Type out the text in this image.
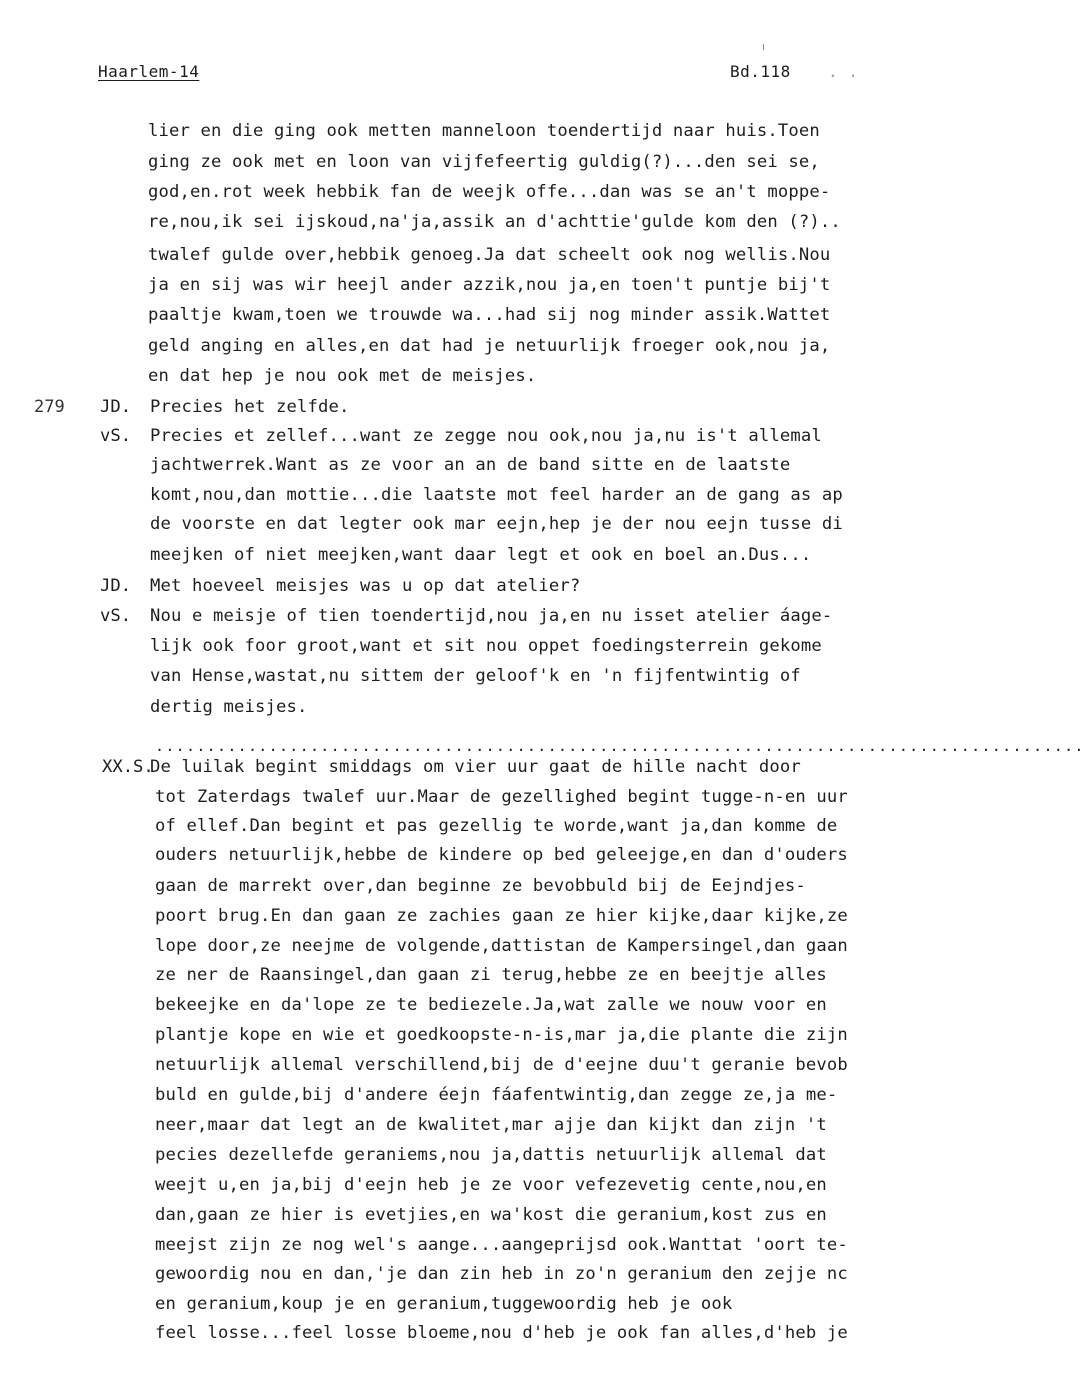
Haarlem-14	Bd.118 . .
279 JD.
vS.
JD.
vS.
XX.S.
..........................................................................................
lier en die ging ook metten manneloon toendertijd naar huis.Toen
ging ze ook met en loon van vijfefeertig guldig(?)...den sei se,
god,en.rot week hebbik fan de weejk offe...dan was se an't moppe-
re,nou,ik sei ijskoud,na'ja,assik an d'achttie'gulde kom den (?)..
twalef gulde over,hebbik genoeg.Ja dat scheelt ook nog wellis.Nou
ja en sij was wir heejl ander azzik,nou ja,en toen't puntje bij't
paaltje kwam,toen we trouwde wa...had sij nog minder assik.Wattet
geld anging en alles,en dat had je netuurlijk froeger ook,nou ja,
en dat hep je nou ook met de meisjes.
Precies het zelfde.
Precies et zellef...want ze zegge nou ook,nou ja,nu is't allemal
jachtwerrek.Want as ze voor an an de band sitte en de laatste
komt,nou,dan mottie...die laatste mot feel harder an de gang as ap
de voorste en dat legter ook mar eejn,hep je der nou eejn tusse di
meejken of niet meejken,want daar legt et ook en boel an.Dus...
Met hoeveel meisjes was u op dat atelier?
Nou e meisje of tien toendertijd,nou ja,en nu isset atelier áage-
lijk ook foor groot,want et sit nou oppet foedingsterrein gekome
van Hense,wastat,nu sittem der geloof'k en 'n fijfentwintig of
dertig meisjes.
De luilak begint smiddags om vier uur gaat de hille nacht door
tot Zaterdags twalef uur.Maar de gezellighed begint tugge-n-en uur
of ellef.Dan begint et pas gezellig te worde,want ja,dan komme de
ouders netuurlijk,hebbe de kindere op bed geleejge,en dan d'ouders
gaan de marrekt over,dan beginne ze bevobbuld bij de Eejndjes-
poort brug.En dan gaan ze zachies gaan ze hier kijke,daar kijke,ze
lope door,ze neejme de volgende,dattistan de Kampersingel,dan gaan
ze ner de Raansingel,dan gaan zi terug,hebbe ze en beejtje alles
bekeejke en da'lope ze te bediezele.Ja,wat zalle we nouw voor en
plantje kope en wie et goedkoopste-n-is,mar ja,die plante die zijn
netuurlijk allemal verschillend,bij de d'eejne duu't geranie bevob
buld en gulde,bij d'andere éejn fáafentwintig,dan zegge ze,ja me-
neer,maar dat legt an de kwalitet,mar ajje dan kijkt dan zijn 't
pecies dezellefde geraniems,nou ja,dattis netuurlijk allemal dat
weejt u,en ja,bij d'eejn heb je ze voor vefezevetig cente,nou,en
dan,gaan ze hier is evetjies,en wa'kost die geranium,kost zus en
meejst zijn ze nog wel's aange...aangeprijsd ook.Wanttat 'oort te-
gewoordig nou en dan,'je dan zin heb in zo'n geranium den zejje nc
en geranium,koup je en geranium,tuggewoordig heb je ook
feel losse...feel losse bloeme,nou d'heb je ook fan alles,d'heb je
